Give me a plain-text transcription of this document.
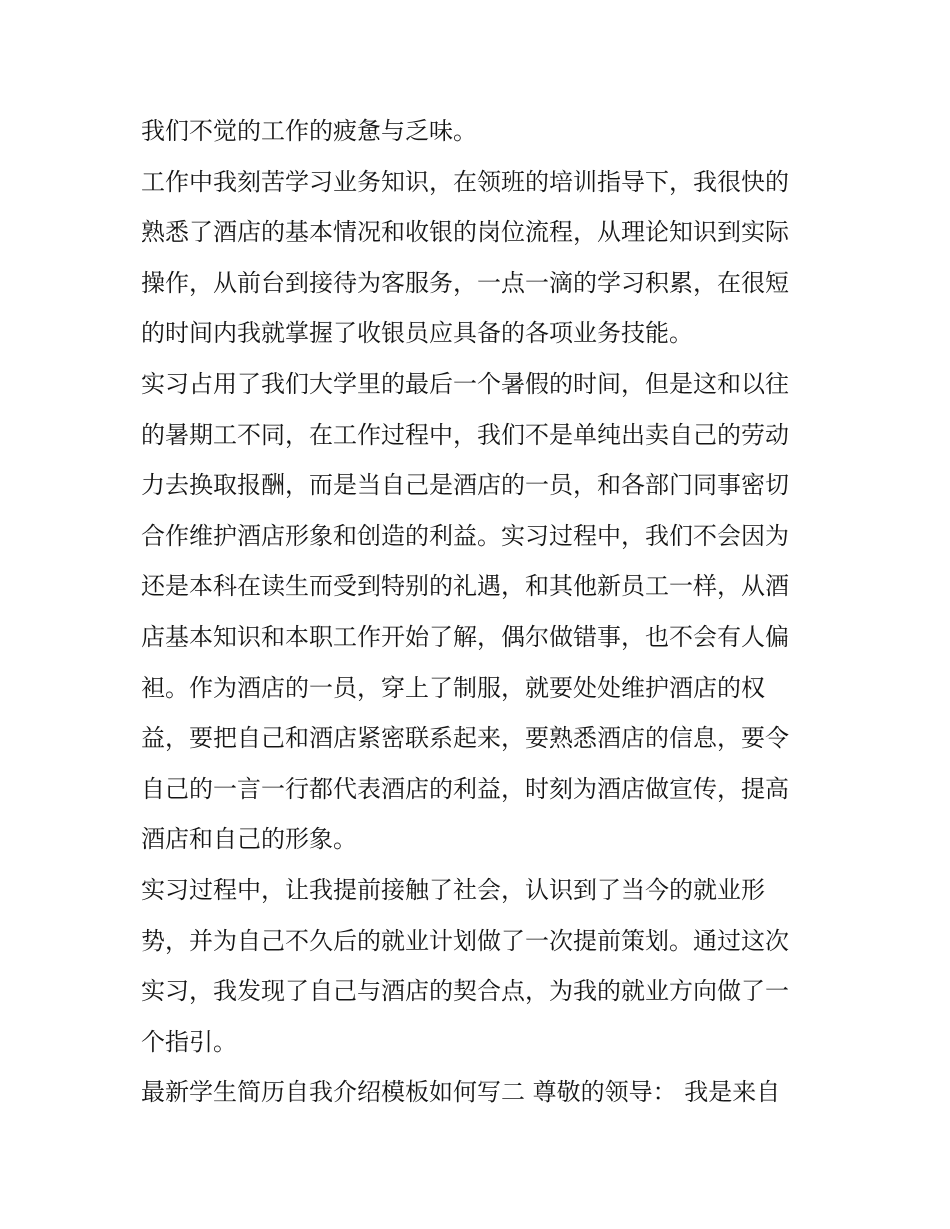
我们不觉的工作的疲惫与乏味。
工作中我刻苦学习业务知识，在领班的培训指导下，我很快的
熟悉了酒店的基本情况和收银的岗位流程，从理论知识到实际
操作，从前台到接待为客服务，一点一滴的学习积累，在很短
的时间内我就掌握了收银员应具备的各项业务技能。
实习占用了我们大学里的最后一个暑假的时间，但是这和以往
的暑期工不同，在工作过程中，我们不是单纯出卖自己的劳动
力去换取报酬，而是当自己是酒店的一员，和各部门同事密切
合作维护酒店形象和创造的利益。实习过程中，我们不会因为
还是本科在读生而受到特别的礼遇，和其他新员工一样，从酒
店基本知识和本职工作开始了解，偶尔做错事，也不会有人偏
袒。作为酒店的一员，穿上了制服，就要处处维护酒店的权
益，要把自己和酒店紧密联系起来，要熟悉酒店的信息，要令
自己的一言一行都代表酒店的利益，时刻为酒店做宣传，提高
酒店和自己的形象。
实习过程中，让我提前接触了社会，认识到了当今的就业形
势，并为自己不久后的就业计划做了一次提前策划。通过这次
实习，我发现了自己与酒店的契合点，为我的就业方向做了一
个指引。
最新学生简历自我介绍模板如何写二 尊敬的领导： 我是来自
